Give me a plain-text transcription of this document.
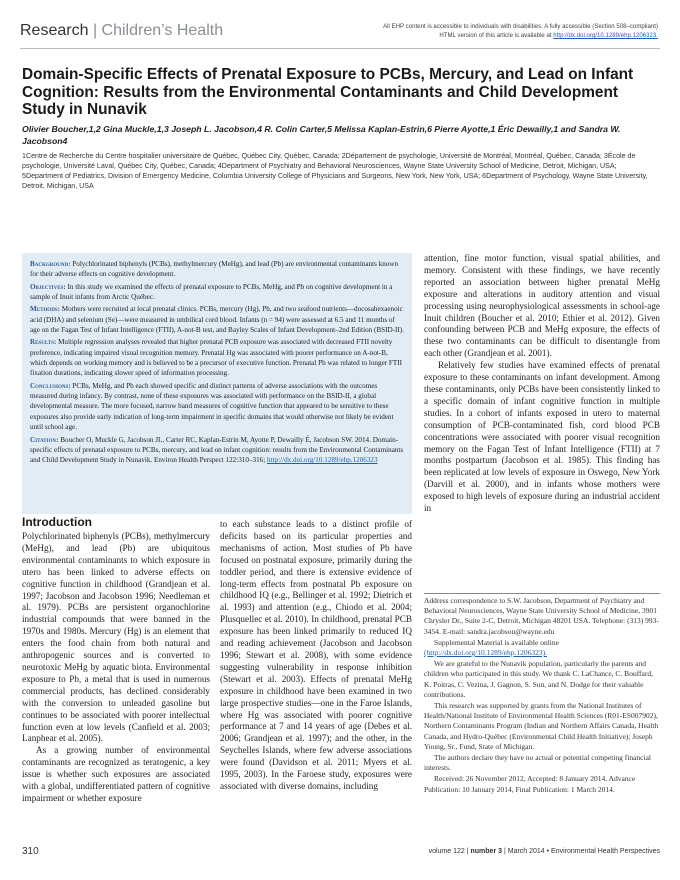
Research | Children’s Health	All EHP content is accessible to individuals with disabilities. A fully accessible (Section 508–compliant)
HTML version of this article is available at http://dx.doi.org/10.1289/ehp.1206323.
Domain-Specific Effects of Prenatal Exposure to PCBs, Mercury, and Lead on Infant Cognition: Results from the Environmental Contaminants and Child Development Study in Nunavik
Olivier Boucher,1,2 Gina Muckle,1,3 Joseph L. Jacobson,4 R. Colin Carter,5 Melissa Kaplan-Estrin,6 Pierre Ayotte,1 Éric Dewailly,1 and Sandra W. Jacobson4
1Centre de Recherche du Centre hospitalier universitaire de Québec, Québec City, Québec, Canada; 2Département de psychologie, Université de Montréal, Montréal, Québec, Canada; 3École de psychologie, Université Laval, Québec City, Québec, Canada; 4Department of Psychiatry and Behavioral Neurosciences, Wayne State University School of Medicine, Detroit, Michigan, USA; 5Department of Pediatrics, Division of Emergency Medicine, Columbia University College of Physicians and Surgeons, New York, New York, USA; 6Department of Psychology, Wayne State University, Detroit, Michigan, USA

Background: Polychlorinated biphenyls (PCBs), methylmercury (MeHg), and lead (Pb) are environmental contaminants known for their adverse effects on cognitive development.

Objectives: In this study we examined the effects of prenatal exposure to PCBs, MeHg, and Pb on cognitive development in a sample of Inuit infants from Arctic Québec.

Methods: Mothers were recruited at local prenatal clinics. PCBs, mercury (Hg), Pb, and two seafood nutrients—docosahexaenoic acid (DHA) and selenium (Se)—were measured in umbilical cord blood. Infants (n = 94) were assessed at 6.5 and 11 months of age on the Fagan Test of Infant Intelligence (FTII), A-not-B test, and Bayley Scales of Infant Development–2nd Edition (BSID-II).

Results: Multiple regression analyses revealed that higher prenatal PCB exposure was associated with decreased FTII novelty preference, indicating impaired visual recognition memory. Prenatal Hg was associated with poorer performance on A-not-B, which depends on working memory and is believed to be a precursor of executive function. Prenatal Pb was related to longer FTII fixation durations, indicating slower speed of information processing.

Conclusions: PCBs, MeHg, and Pb each showed specific and distinct patterns of adverse associations with the outcomes measured during infancy. By contrast, none of these exposures was associated with performance on the BSID-II, a global developmental measure. The more focused, narrow band measures of cognitive function that appeared to be sensitive to these exposures also provide early indication of long-term impairment in specific domains that would otherwise not likely be evident until school age.

Citation: Boucher O, Muckle G, Jacobson JL, Carter RC, Kaplan-Estrin M, Ayotte P, Dewailly É, Jacobson SW. 2014. Domain-specific effects of prenatal exposure to PCBs, mercury, and lead on infant cognition: results from the Environmental Contaminants and Child Development Study in Nunavik. Environ Health Perspect 122:310–316; http://dx.doi.org/10.1289/ehp.1206323

attention, fine motor function, visual spatial abilities, and memory. Consistent with these findings, we have recently reported an association between higher prenatal MeHg exposure and alterations in auditory attention and visual processing using neurophysiological assessments in school-age Inuit children (Boucher et al. 2010; Ethier et al. 2012). Given confounding between PCB and MeHg exposure, the effects of these two contaminants can be difficult to disentangle from each other (Grandjean et al. 2001).

Relatively few studies have examined effects of prenatal exposure to these contaminants on infant development. Among these contaminants, only PCBs have been consistently linked to a specific domain of infant cognitive function in multiple studies. In a cohort of infants exposed in utero to maternal consumption of PCB-contaminated fish, cord blood PCB concentrations were associated with poorer visual recognition memory on the Fagan Test of Infant Intelligence (FTII) at 7 months postpartum (Jacobson et al. 1985). This finding has been replicated at low levels of exposure in Oswego, New York (Darvill et al. 2000), and in infants whose mothers were exposed to high levels of exposure during an industrial accident in

Address correspondence to S.W. Jacobson, Department of Psychiatry and Behavioral Neurosciences, Wayne State University School of Medicine, 3901 Chrysler Dr., Suite 2-C, Detroit, Michigan 48201 USA. Telephone: (313) 993-3454. E-mail: sandra.jacobson@wayne.edu

Supplemental Material is available online (http://dx.doi.org/10.1289/ehp.1206323).

We are grateful to the Nunavik population, particularly the parents and children who participated in this study. We thank C. LaChance, C. Bouffard, K. Poitras, C. Vezina, J. Gagnon, S. Sun, and N. Dodge for their valuable contributions.

This research was supported by grants from the National Institutes of Health/National Institute of Environmental Health Sciences (R01-ES007902), Northern Contaminants Program (Indian and Northern Affairs Canada, Health Canada, and Hydro-Québec (Environmental Child Health Initiative); Joseph Young, Sr., Fund, State of Michigan.

The authors declare they have no actual or potential competing financial interests.

Received: 26 November 2012, Accepted: 8 January 2014, Advance Publication: 10 January 2014, Final Publication: 1 March 2014.

Introduction

Polychlorinated biphenyls (PCBs), methylmercury (MeHg), and lead (Pb) are ubiquitous environmental contaminants to which exposure in utero has been linked to adverse effects on cognitive function in childhood (Grandjean et al. 1997; Jacobson and Jacobson 1996; Needleman et al. 1979). PCBs are persistent organochlorine industrial compounds that were banned in the 1970s and 1980s. Mercury (Hg) is an element that enters the food chain from both natural and anthropogenic sources and is converted to neurotoxic MeHg by aquatic biota. Environmental exposure to Pb, a metal that is used in numerous commercial products, has declined considerably with the conversion to unleaded gasoline but continues to be associated with poorer intellectual function even at low levels (Canfield et al. 2003; Lanphear et al. 2005).

As a growing number of environmental contaminants are recognized as teratogenic, a key issue is whether such exposures are associated with a global, undifferentiated pattern of cognitive impairment or whether exposure

to each substance leads to a distinct profile of deficits based on its particular properties and mechanisms of action. Most studies of Pb have focused on postnatal exposure, primarily during the toddler period, and there is extensive evidence of long-term effects from postnatal Pb exposure on childhood IQ (e.g., Bellinger et al. 1992; Dietrich et al. 1993) and attention (e.g., Chiodo et al. 2004; Plusquellec et al. 2010). In childhood, prenatal PCB exposure has been linked primarily to reduced IQ and reading achievement (Jacobson and Jacobson 1996; Stewart et al. 2008), with some evidence suggesting vulnerability in response inhibition (Stewart et al. 2003). Effects of prenatal MeHg exposure in childhood have been examined in two large prospective studies—one in the Faroe Islands, where Hg was associated with poorer cognitive performance at 7 and 14 years of age (Debes et al. 2006; Grandjean et al. 1997); and the other, in the Seychelles Islands, where few adverse associations were found (Davidson et al. 2011; Myers et al. 1995, 2003). In the Faroese study, exposures were associated with diverse domains, including

310	volume 122 | number 3 | March 2014 • Environmental Health Perspectives
